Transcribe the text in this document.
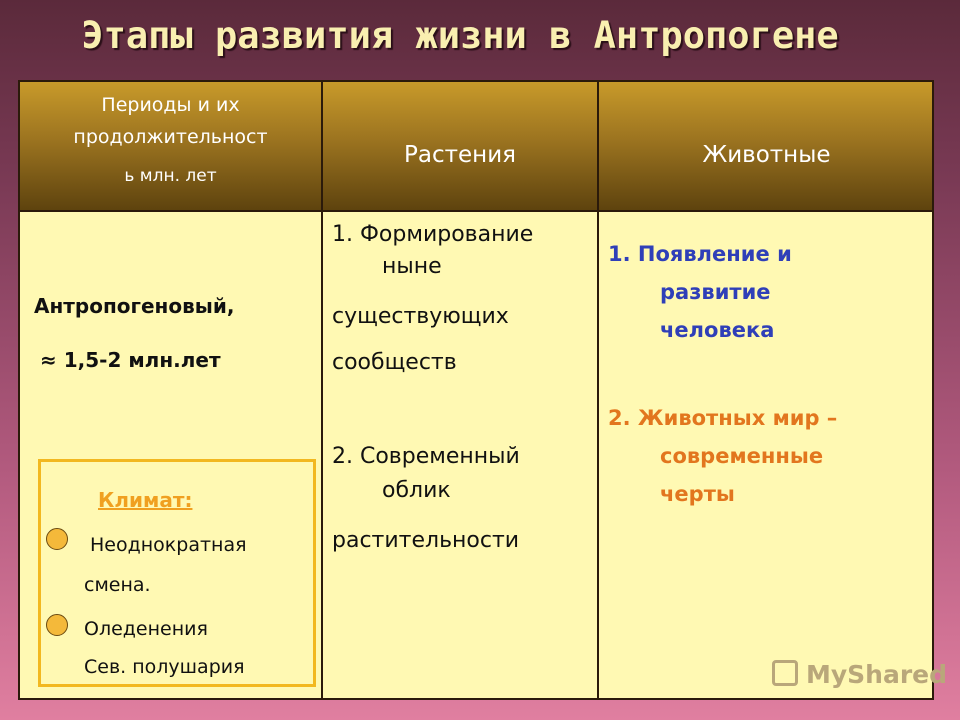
Этапы развития жизни в Антропогене
Периоды и их
продолжительност
ь млн. лет
Растения	Животные
Антропогеновый,
≈ 1,5-2 млн.лет
Климат:
Неоднократная
смена.
Оледенения
Сев. полушария
1. Формирование
ныне
существующих
сообществ
2. Современный
облик
растительности
1. Появление и
развитие
человека
2. Животных мир –
современные
черты
MyShared
